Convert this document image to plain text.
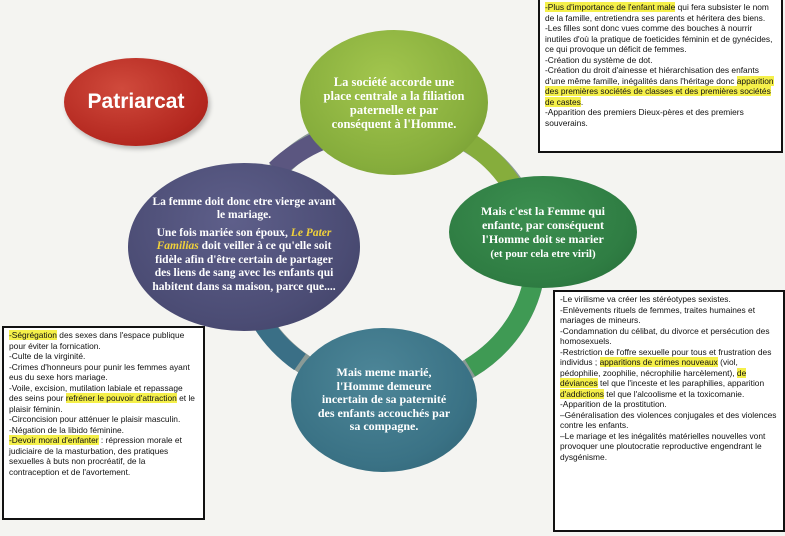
Patriarcat
La société accorde une place centrale a la filiation paternelle et par conséquent à l'Homme.
Mais c'est la Femme qui enfante, par conséquent l'Homme doit se marier
(et pour cela etre viril)
Mais meme marié, l'Homme demeure incertain de sa paternité des enfants accouchés par sa compagne.

La femme doit donc etre vierge avant le mariage.

Une fois mariée son époux, Le Pater Familias doit veiller à ce qu'elle soit fidèle afin d'être certain de partager des liens de sang avec les enfants qui habitent dans sa maison, parce que....

-Plus d'importance de l'enfant male qui fera subsister le nom de la famille, entretiendra ses parents et héritera des biens.

-Les filles sont donc vues comme des bouches à nourrir inutiles d'où la pratique de foeticides féminin et de gynécides, ce qui provoque un déficit de femmes.

-Création du système de dot.

-Création du droit d'ainesse et hiérarchisation des enfants d'une même famille, inégalités dans l'héritage donc apparition des premières sociétés de classes et des premières sociétés de castes.

-Apparition des premiers Dieux-pères et des premiers souverains.

-Ségrégation des sexes dans l'espace publique pour éviter la fornication.

-Culte de la virginité.

-Crimes d'honneurs pour punir les femmes ayant eus du sexe hors mariage.

-Voile, excision, mutilation labiale et repassage des seins pour refréner le pouvoir d'attraction et le plaisir féminin.

-Circoncision pour atténuer le plaisir masculin.

-Négation de la libido féminine.

-Devoir moral d'enfanter : répression morale et judiciaire de la masturbation, des pratiques sexuelles à buts non procréatif, de la contraception et de l'avortement.

-Le virilisme va créer les stéréotypes sexistes.

-Enlèvements rituels de femmes, traites humaines et mariages de mineurs.

-Condamnation du célibat, du divorce et persécution des homosexuels.

-Restriction de l'offre sexuelle pour tous et frustration des individus ; apparitions de crimes nouveaux (viol, pédophilie, zoophilie, nécrophilie harcèlement), de déviances tel que l'inceste et les paraphilies, apparition d'addictions tel que l'alcoolisme et la toxicomanie.

-Apparition de la prostitution.

–Généralisation des violences conjugales et des violences contre les enfants.

–Le mariage et les inégalités matérielles nouvelles vont provoquer une ploutocratie reproductive engendrant le dysgénisme.
